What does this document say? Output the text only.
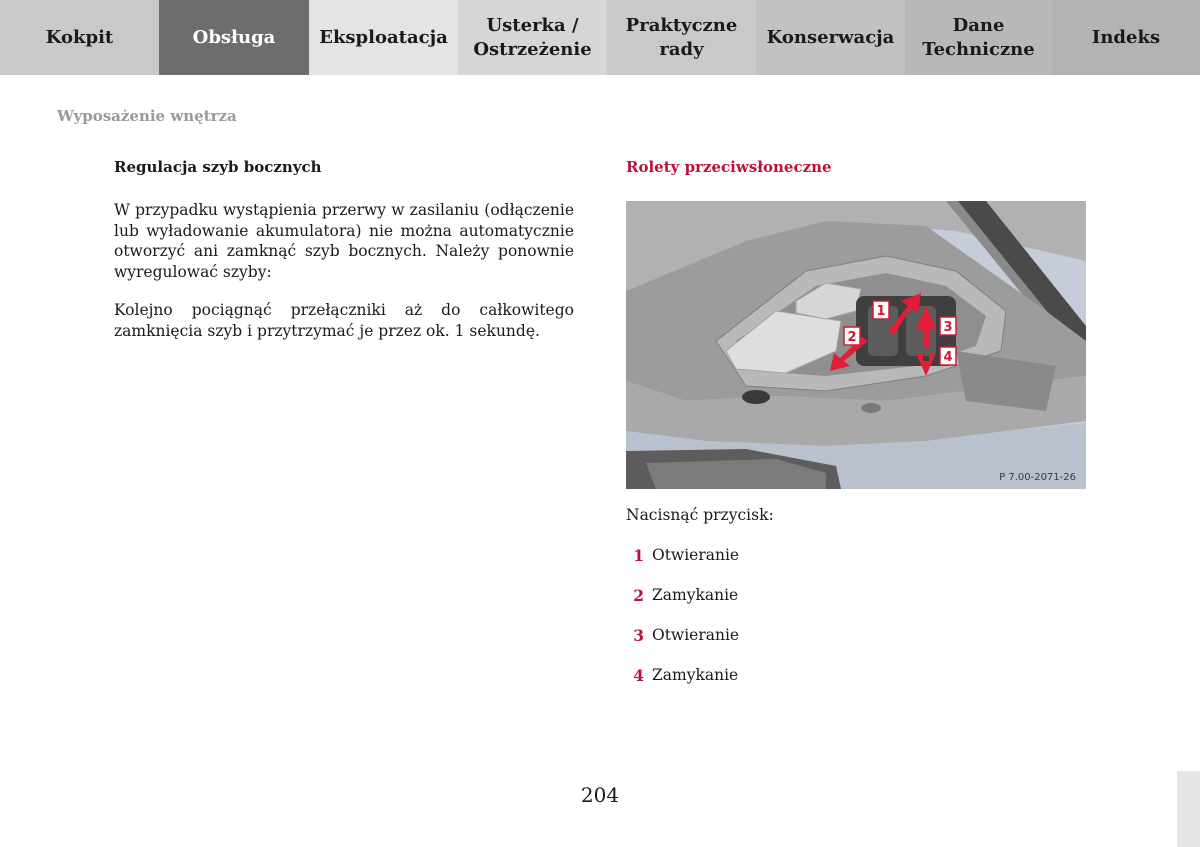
Kokpit	Obsługa	Eksploatacja
Usterka /
Ostrzeżenie
Praktyczne
rady
Konserwacja
Dane
Techniczne
Indeks
Wyposażenie wnętrza
Regulacja szyb bocznych

W przypadku wystąpienia przerwy w zasilaniu (odłączenie lub wyładowanie akumulatora) nie można automatycznie otworzyć ani zamknąć szyb bocznych. Należy ponownie wyregulować szyby:

Kolejno pociągnąć przełączniki aż do całkowitego zamknięcia szyb i przytrzymać je przez ok. 1 sekundę.

Rolety przeciwsłoneczne
1
2
3
4
P 7.00-2071-26
Nacisnąć przycisk:
1 Otwieranie
2 Zamykanie
3 Otwieranie
4 Zamykanie
204
